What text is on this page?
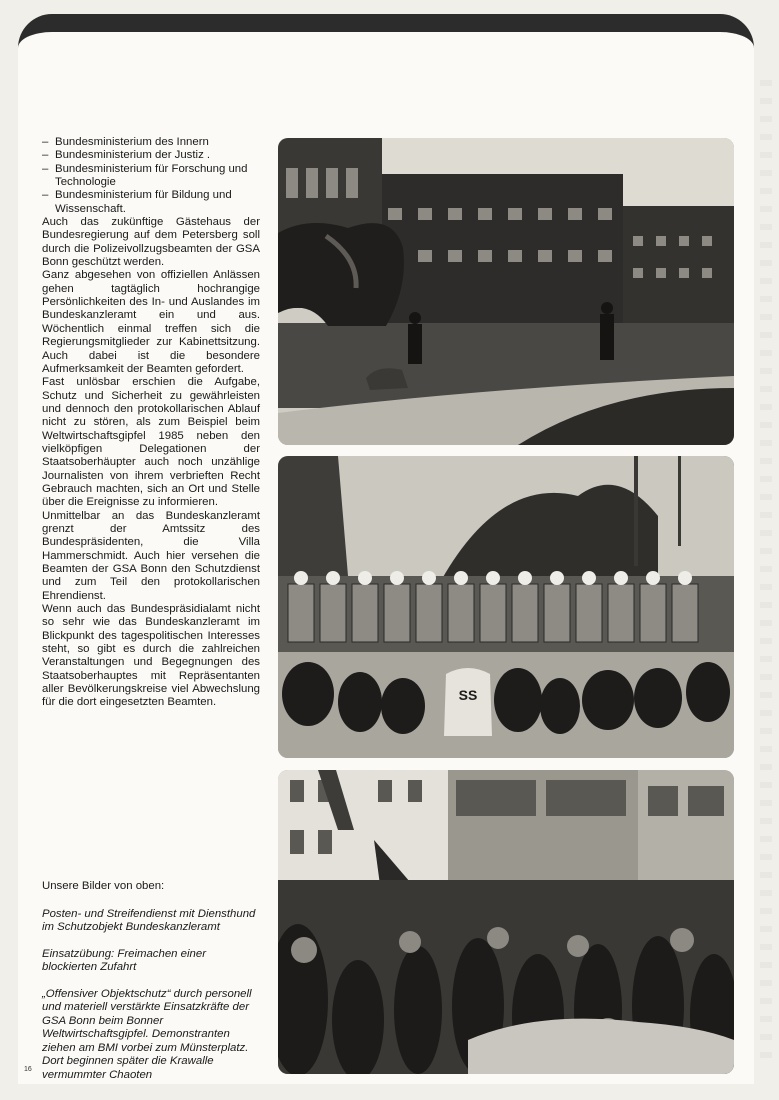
– Bundesministerium des Innern
– Bundesministerium der Justiz .
– Bundesministerium für Forschung und Technologie
– Bundesministerium für Bildung und Wissenschaft.

Auch das zukünftige Gästehaus der Bundesregierung auf dem Petersberg soll durch die Polizeivollzugsbeamten der GSA Bonn geschützt werden.

Ganz abgesehen von offiziellen Anlässen gehen tagtäglich hochrangige Persönlichkeiten des In- und Auslandes im Bundeskanzleramt ein und aus. Wöchentlich einmal treffen sich die Regierungsmitglieder zur Kabinettsitzung. Auch dabei ist die besondere Aufmerksamkeit der Beamten gefordert.

Fast unlösbar erschien die Aufgabe, Schutz und Sicherheit zu gewährleisten und dennoch den protokollarischen Ablauf nicht zu stören, als zum Beispiel beim Weltwirtschaftsgipfel 1985 neben den vielköpfigen Delegationen der Staatsoberhäupter auch noch unzählige Journalisten von ihrem verbrieften Recht Gebrauch machten, sich an Ort und Stelle über die Ereignisse zu informieren.

Unmittelbar an das Bundeskanzleramt grenzt der Amtssitz des Bundespräsidenten, die Villa Hammerschmidt. Auch hier versehen die Beamten der GSA Bonn den Schutzdienst und zum Teil den protokollarischen Ehrendienst.

Wenn auch das Bundespräsidialamt nicht so sehr wie das Bundeskanzleramt im Blickpunkt des tagespolitischen Interesses steht, so gibt es durch die zahlreichen Veranstaltungen und Begegnungen des Staatsoberhauptes mit Repräsentanten aller Bevölkerungskreise viel Abwechslung für die dort eingesetzten Beamten.

Unsere Bilder von oben:

Posten- und Streifendienst mit Diensthund im Schutzobjekt Bundeskanzleramt

Einsatzübung: Freimachen einer blockierten Zufahrt

„Offensiver Objektschutz“ durch personell und materiell verstärkte Einsatzkräfte der GSA Bonn beim Bonner Weltwirtschaftsgipfel. Demonstranten ziehen am BMI vorbei zum Münsterplatz. Dort beginnen später die Krawalle vermummter Chaoten

16
SS
